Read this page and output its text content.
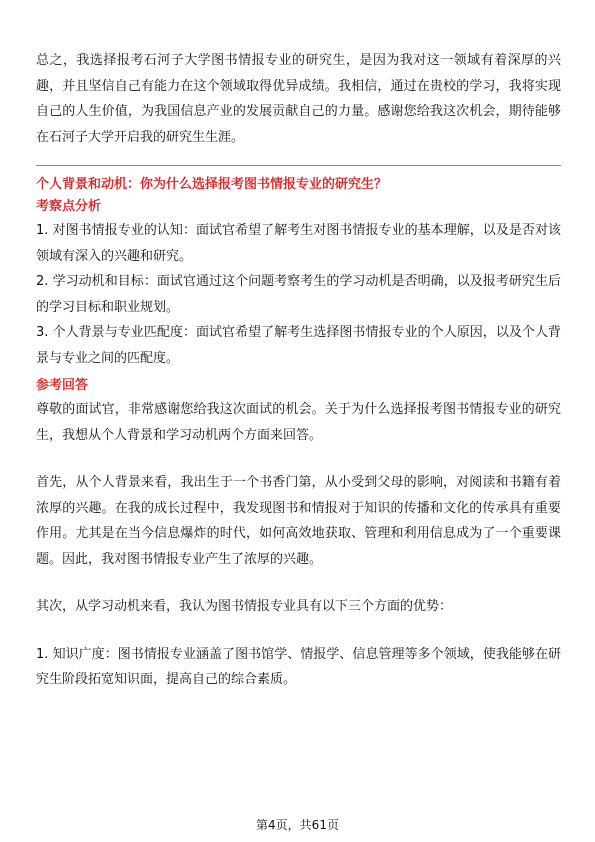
总之，我选择报考石河子大学图书情报专业的研究生，是因为我对这一领域有着深厚的兴趣，并且坚信自己有能力在这个领域取得优异成绩。我相信，通过在贵校的学习，我将实现自己的人生价值，为我国信息产业的发展贡献自己的力量。感谢您给我这次机会，期待能够在石河子大学开启我的研究生生涯。

个人背景和动机：你为什么选择报考图书情报专业的研究生？
考察点分析

1. 对图书情报专业的认知：面试官希望了解考生对图书情报专业的基本理解，以及是否对该领域有深入的兴趣和研究。

2. 学习动机和目标：面试官通过这个问题考察考生的学习动机是否明确，以及报考研究生后的学习目标和职业规划。

3. 个人背景与专业匹配度：面试官希望了解考生选择图书情报专业的个人原因，以及个人背景与专业之间的匹配度。

参考回答

尊敬的面试官，非常感谢您给我这次面试的机会。关于为什么选择报考图书情报专业的研究生，我想从个人背景和学习动机两个方面来回答。

首先，从个人背景来看，我出生于一个书香门第，从小受到父母的影响，对阅读和书籍有着浓厚的兴趣。在我的成长过程中，我发现图书和情报对于知识的传播和文化的传承具有重要作用。尤其是在当今信息爆炸的时代，如何高效地获取、管理和利用信息成为了一个重要课题。因此，我对图书情报专业产生了浓厚的兴趣。

其次，从学习动机来看，我认为图书情报专业具有以下三个方面的优势：

1. 知识广度：图书情报专业涵盖了图书馆学、情报学、信息管理等多个领域，使我能够在研究生阶段拓宽知识面，提高自己的综合素质。

第4页，共61页
